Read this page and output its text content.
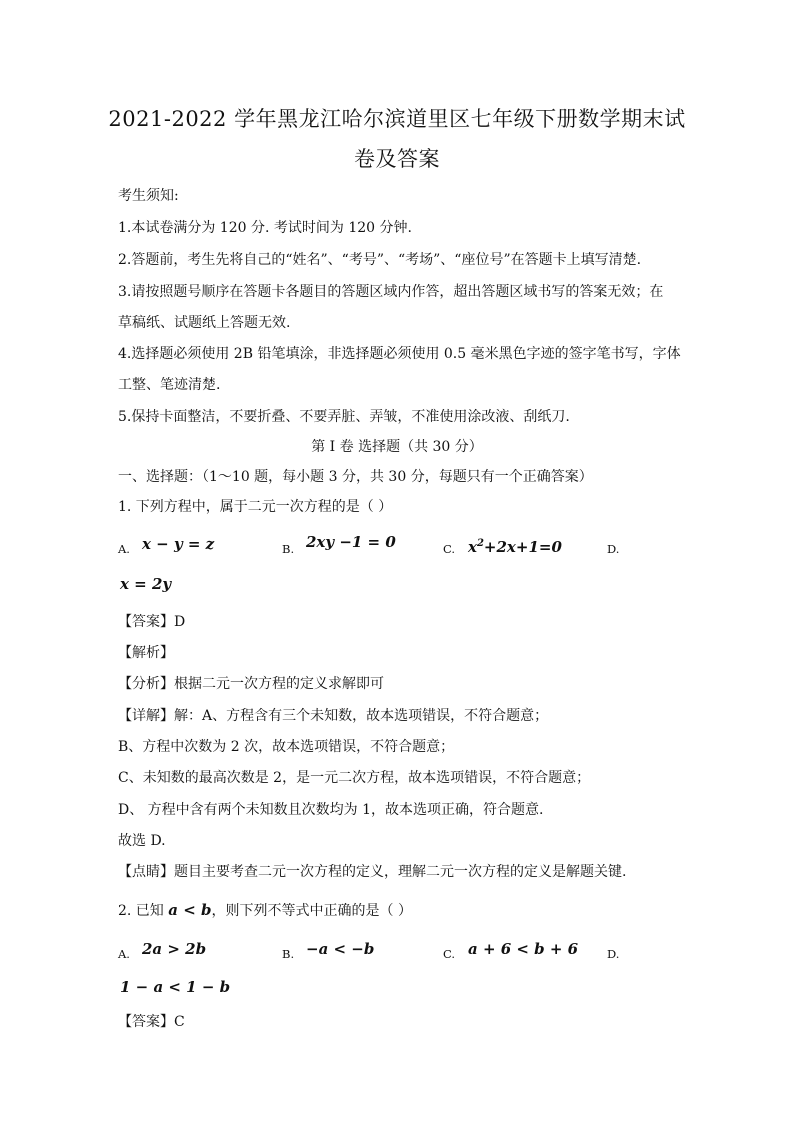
2021-2022 学年黑龙江哈尔滨道里区七年级下册数学期末试
卷及答案
考生须知:
1.本试卷满分为 120 分. 考试时间为 120 分钟.
2.答题前，考生先将自己的“姓名”、“考号”、“考场”、“座位号”在答题卡上填写清楚.
3.请按照题号顺序在答题卡各题目的答题区域内作答，超出答题区域书写的答案无效；在
草稿纸、试题纸上答题无效.
4.选择题必须使用 2B 铅笔填涂，非选择题必须使用 0.5 毫米黑色字迹的签字笔书写，字体
工整、笔迹清楚.
5.保持卡面整洁，不要折叠、不要弄脏、弄皱，不准使用涂改液、刮纸刀.
第 I 卷 选择题（共 30 分）
一、选择题：（1～10 题，每小题 3 分，共 30 分，每题只有一个正确答案）
1. 下列方程中，属于二元一次方程的是（ ）
A. x − y = z	B. 2xy −1 = 0	C. $x^2+2x+1=0$	D.
x = 2y
【答案】D
【解析】
【分析】根据二元一次方程的定义求解即可
【详解】解：A、方程含有三个未知数，故本选项错误，不符合题意；
B、方程中次数为 2 次，故本选项错误，不符合题意；
C、未知数的最高次数是 2，是一元二次方程，故本选项错误，不符合题意；
D、 方程中含有两个未知数且次数均为 1，故本选项正确，符合题意.
故选 D.
【点睛】题目主要考查二元一次方程的定义，理解二元一次方程的定义是解题关键.
2. 已知 a < b，则下列不等式中正确的是（ ）
A. 2a > 2b	B. −a < −b	C. a + 6 < b + 6	D.
1 − a < 1 − b
【答案】C
